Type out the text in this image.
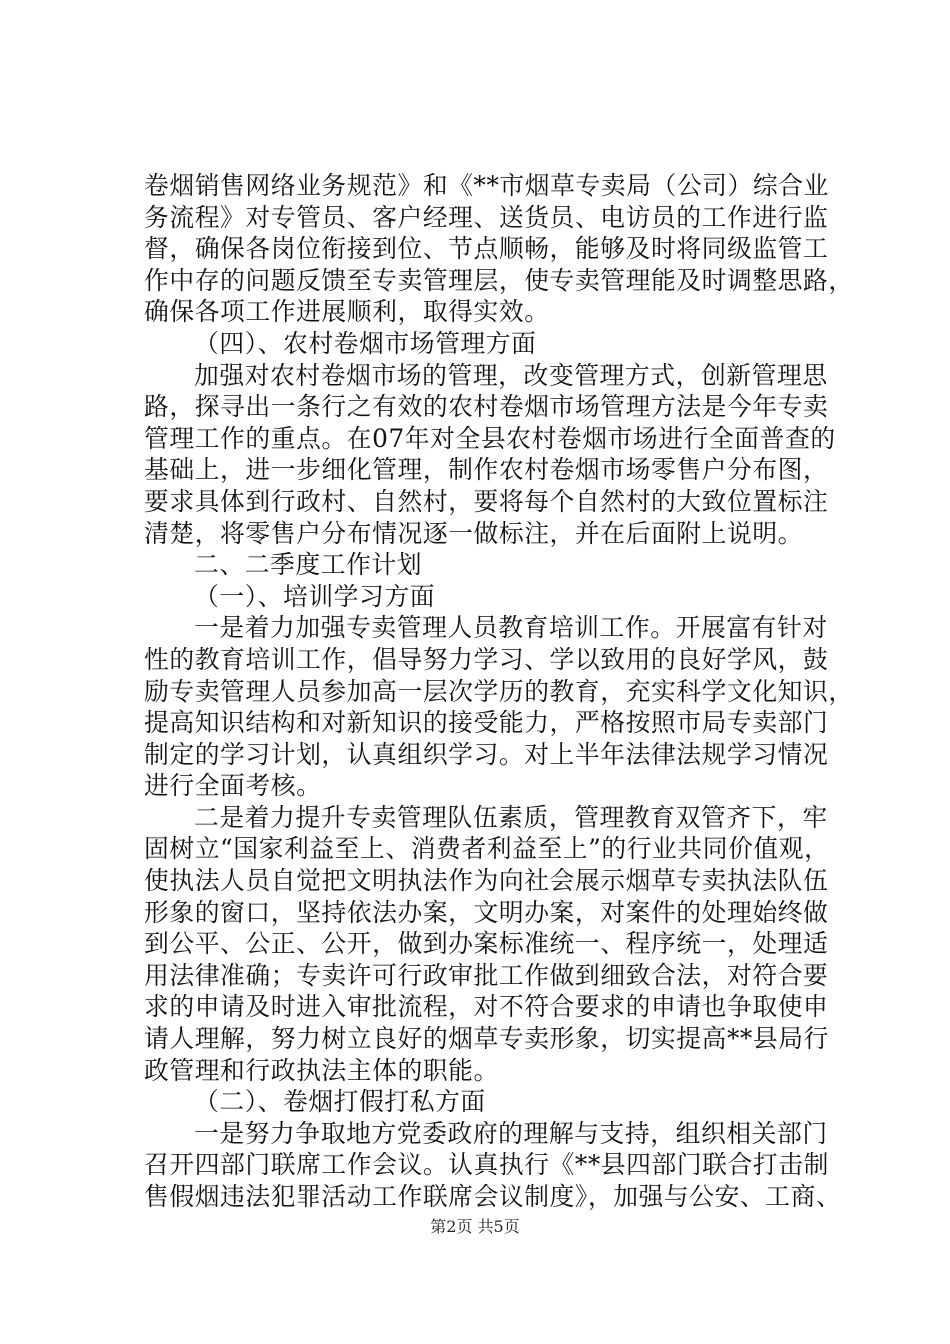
卷烟销售网络业务规范》和《**市烟草专卖局（公司）综合业
务流程》对专管员、客户经理、送货员、电访员的工作进行监
督，确保各岗位衔接到位、节点顺畅，能够及时将同级监管工
作中存的问题反馈至专卖管理层，使专卖管理能及时调整思路，
确保各项工作进展顺利，取得实效。
（四）、农村卷烟市场管理方面
加强对农村卷烟市场的管理，改变管理方式，创新管理思
路，探寻出一条行之有效的农村卷烟市场管理方法是今年专卖
管理工作的重点。在07年对全县农村卷烟市场进行全面普查的
基础上，进一步细化管理，制作农村卷烟市场零售户分布图，
要求具体到行政村、自然村，要将每个自然村的大致位置标注
清楚，将零售户分布情况逐一做标注，并在后面附上说明。
二、二季度工作计划
（一）、培训学习方面
一是着力加强专卖管理人员教育培训工作。开展富有针对
性的教育培训工作，倡导努力学习、学以致用的良好学风，鼓
励专卖管理人员参加高一层次学历的教育，充实科学文化知识，
提高知识结构和对新知识的接受能力，严格按照市局专卖部门
制定的学习计划，认真组织学习。对上半年法律法规学习情况
进行全面考核。
二是着力提升专卖管理队伍素质，管理教育双管齐下，牢
固树立“国家利益至上、消费者利益至上”的行业共同价值观，
使执法人员自觉把文明执法作为向社会展示烟草专卖执法队伍
形象的窗口，坚持依法办案，文明办案，对案件的处理始终做
到公平、公正、公开，做到办案标准统一、程序统一，处理适
用法律准确；专卖许可行政审批工作做到细致合法，对符合要
求的申请及时进入审批流程，对不符合要求的申请也争取使申
请人理解，努力树立良好的烟草专卖形象，切实提高**县局行
政管理和行政执法主体的职能。
（二）、卷烟打假打私方面
一是努力争取地方党委政府的理解与支持，组织相关部门
召开四部门联席工作会议。认真执行《**县四部门联合打击制
售假烟违法犯罪活动工作联席会议制度》，加强与公安、工商、
第2页 共5页
